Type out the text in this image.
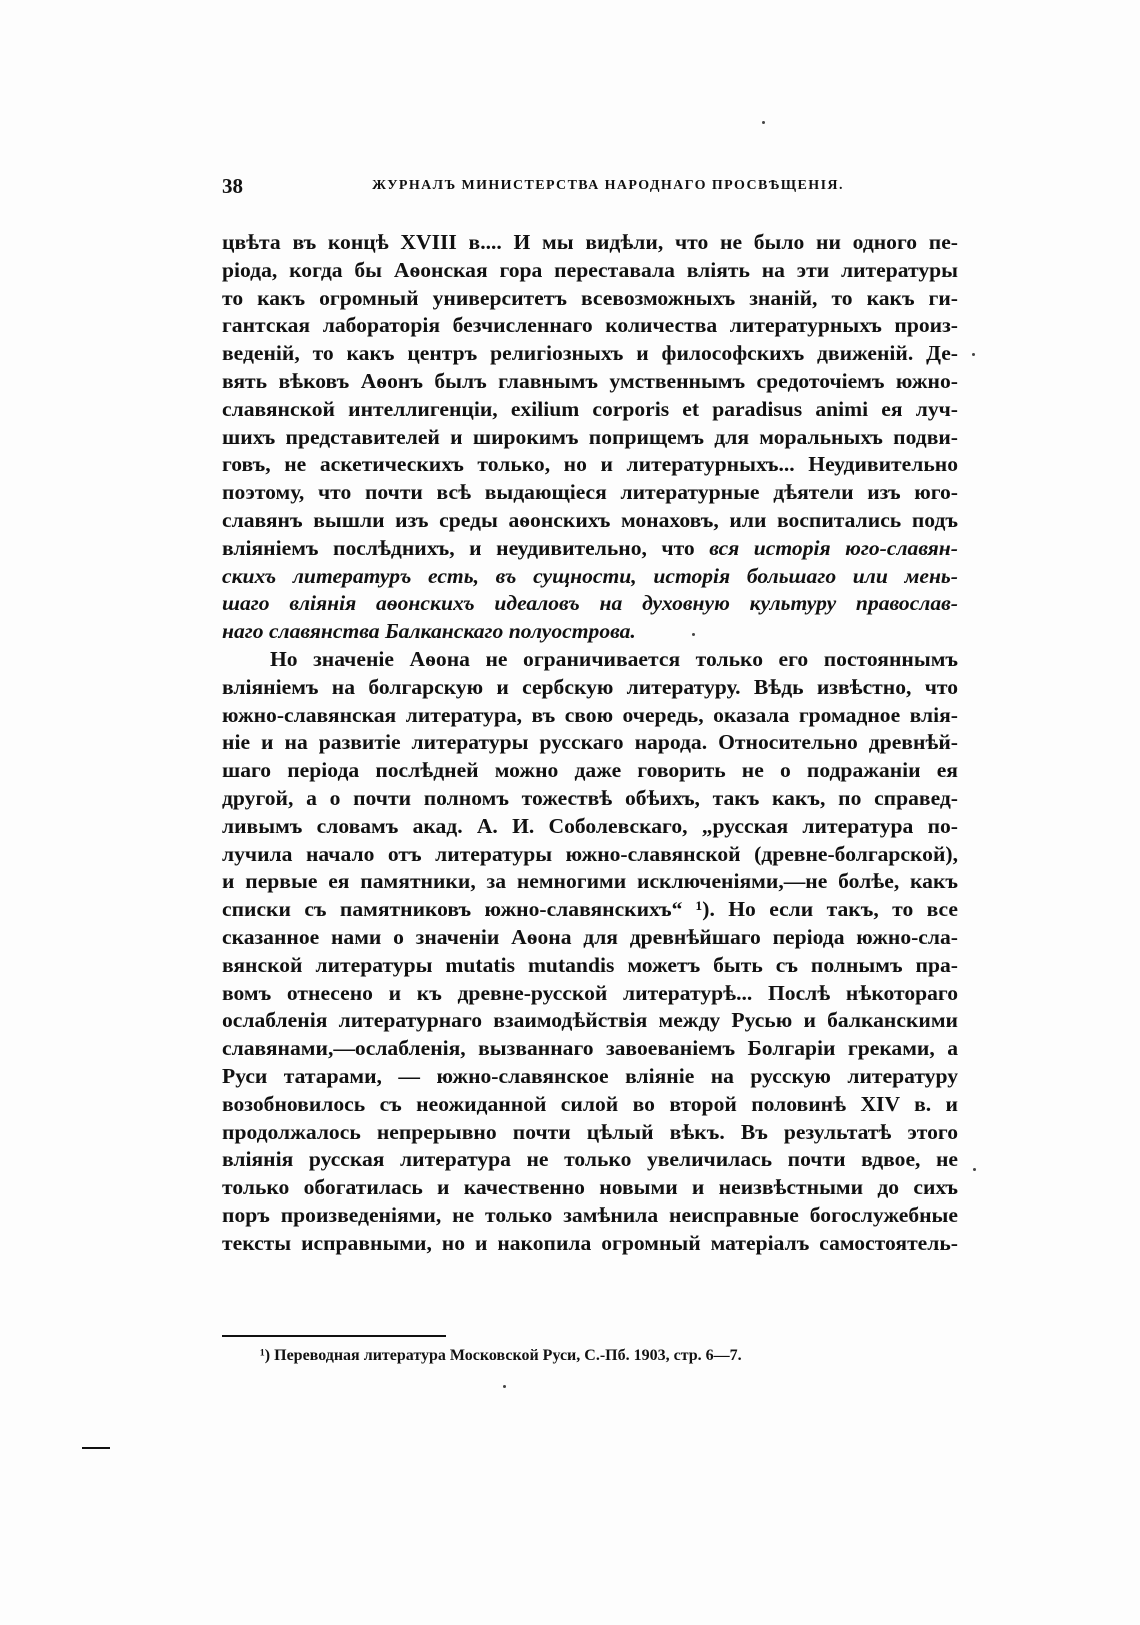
38	ЖУРНАЛЪ МИНИСТЕРСТВА НАРОДНАГО ПРОСВѢЩЕНІЯ.
цвѣта въ концѣ XVIII в.... И мы видѣли, что не было ни одного пе-
ріода, когда бы Аѳонская гора переставала вліять на эти литературы
то какъ огромный университетъ всевозможныхъ знаній, то какъ ги-
гантская лабораторія безчисленнаго количества литературныхъ произ-
веденій, то какъ центръ религіозныхъ и философскихъ движеній. Де-
вять вѣковъ Аѳонъ былъ главнымъ умственнымъ средоточіемъ южно-
славянской интеллигенціи, exilium corporis et paradisus animi ея луч-
шихъ представителей и широкимъ поприщемъ для моральныхъ подви-
говъ, не аскетическихъ только, но и литературныхъ... Неудивительно
поэтому, что почти всѣ выдающіеся литературные дѣятели изъ юго-
славянъ вышли изъ среды аѳонскихъ монаховъ, или воспитались подъ
вліяніемъ послѣднихъ, и неудивительно, что вся исторія юго-славян-
скихъ литературъ есть, въ сущности, исторія большаго или мень-
шаго вліянія аѳонскихъ идеаловъ на духовную культуру православ-
наго славянства Балканскаго полуострова.
Но значеніе Аѳона не ограничивается только его постояннымъ
вліяніемъ на болгарскую и сербскую литературу. Вѣдь извѣстно, что
южно-славянская литература, въ свою очередь, оказала громадное влія-
ніе и на развитіе литературы русскаго народа. Относительно древнѣй-
шаго періода послѣдней можно даже говорить не о подражаніи ея
другой, а о почти полномъ тожествѣ обѣихъ, такъ какъ, по справед-
ливымъ словамъ акад. А. И. Соболевскаго, „русская литература по-
лучила начало отъ литературы южно-славянской (древне-болгарской),
и первые ея памятники, за немногими исключеніями,—не болѣе, какъ
списки съ памятниковъ южно-славянскихъ“ ¹). Но если такъ, то все
сказанное нами о значеніи Аѳона для древнѣйшаго періода южно-сла-
вянской литературы mutatis mutandis можетъ быть съ полнымъ пра-
вомъ отнесено и къ древне-русской литературѣ... Послѣ нѣкотораго
ослабленія литературнаго взаимодѣйствія между Русью и балканскими
славянами,—ослабленія, вызваннаго завоеваніемъ Болгаріи греками, а
Руси татарами, — южно-славянское вліяніе на русскую литературу
возобновилось съ неожиданной силой во второй половинѣ XIV в. и
продолжалось непрерывно почти цѣлый вѣкъ. Въ результатѣ этого
вліянія русская литература не только увеличилась почти вдвое, не
только обогатилась и качественно новыми и неизвѣстными до сихъ
поръ произведеніями, не только замѣнила неисправные богослужебные
тексты исправными, но и накопила огромный матеріалъ самостоятель-
¹) Переводная литература Московской Руси, С.-Пб. 1903, стр. 6—7.
